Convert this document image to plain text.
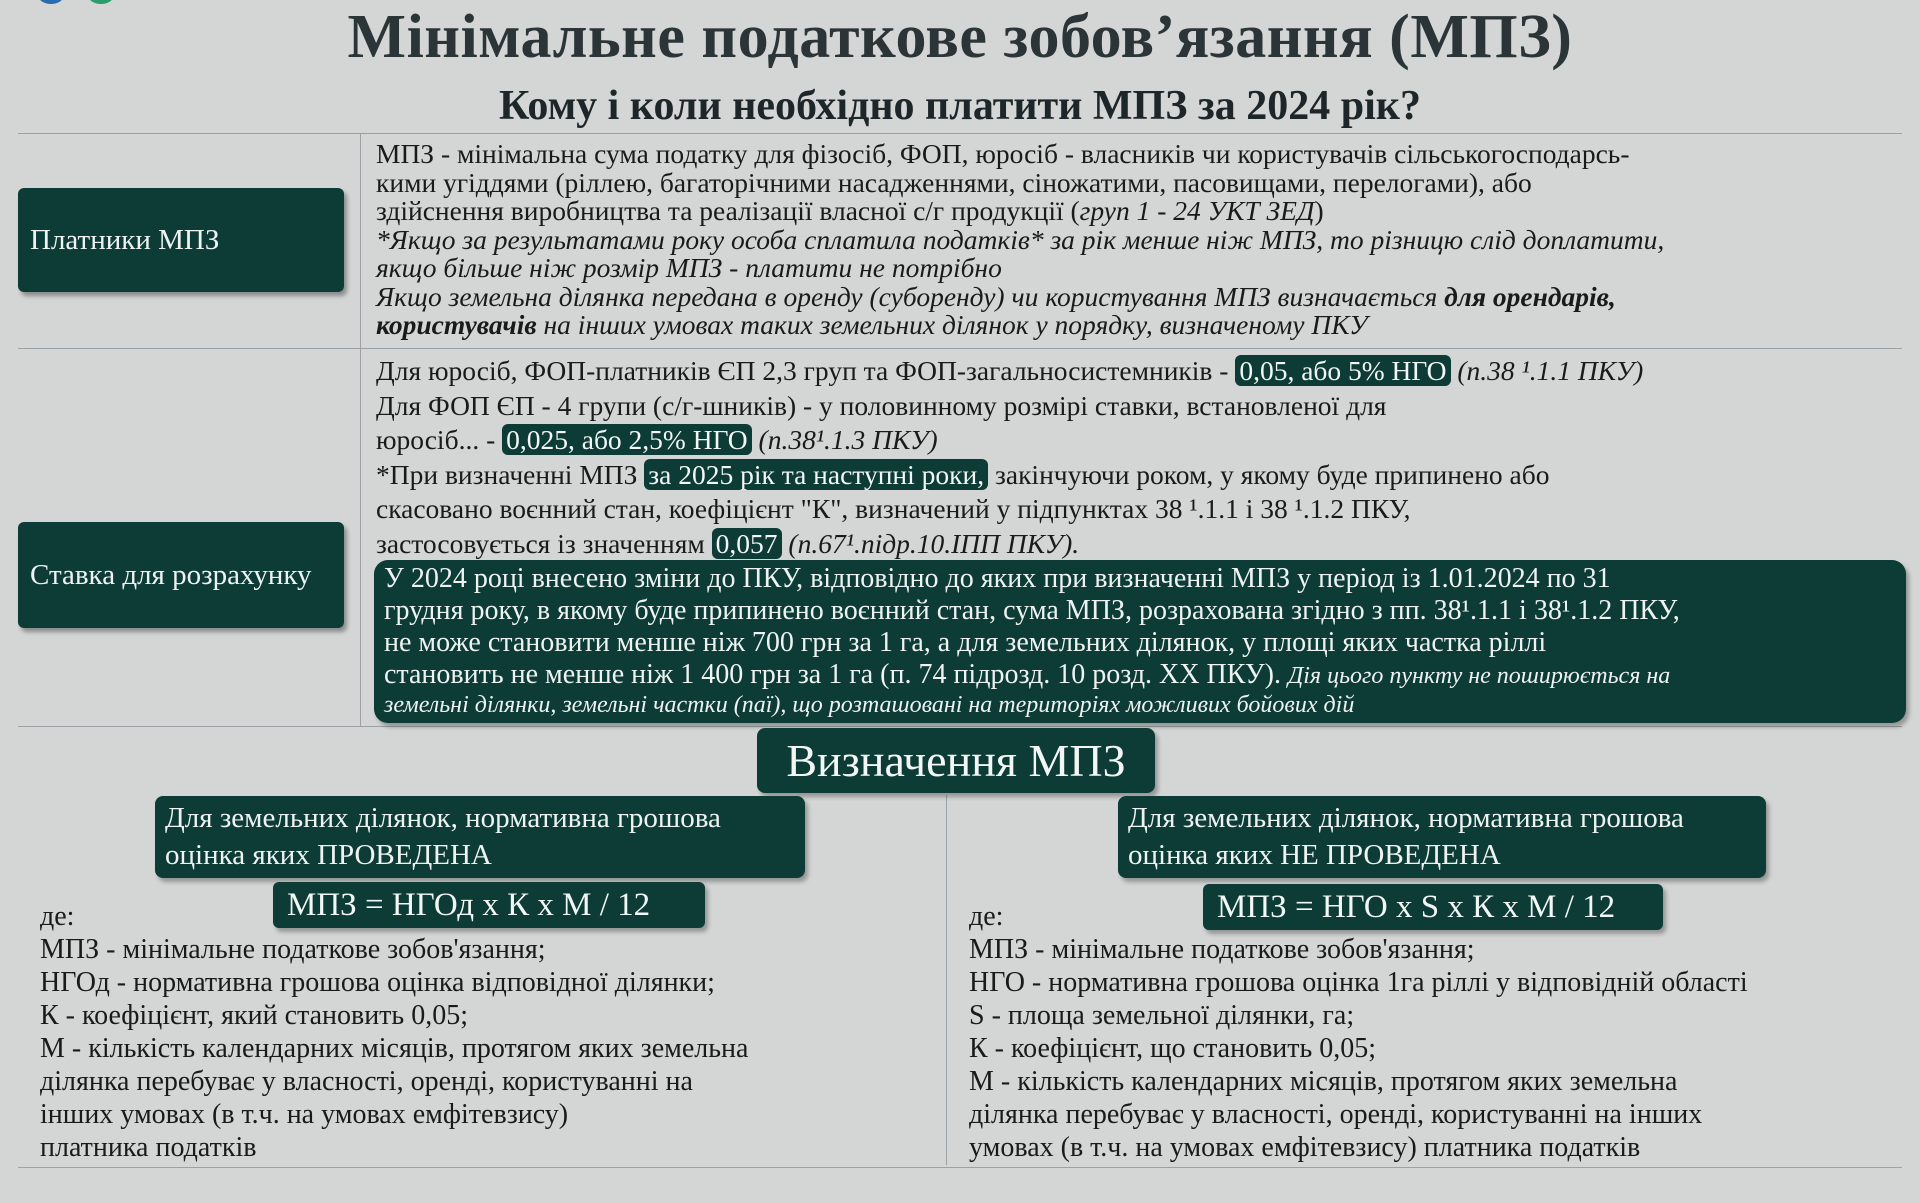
Мінімальне податкове зобов’язання (МПЗ)
Кому і коли необхідно платити МПЗ за 2024 рік?
Платники МПЗ

МПЗ - мінімальна сума податку для фізосіб, ФОП, юросіб - власників чи користувачів сільськогосподарсь-

кими угіддями (ріллею, багаторічними насадженнями, сіножатими, пасовищами, перелогами), або

здійснення виробництва та реалізації власної с/г продукції (груп 1 - 24 УКТ ЗЕД)

*Якщо за результатами року особа сплатила податків* за рік менше ніж МПЗ, то різницю слід доплатити,

якщо більше ніж розмір МПЗ - платити не потрібно

Якщо земельна ділянка передана в оренду (суборенду) чи користування МПЗ визначається для орендарів,

користувачів на інших умовах таких земельних ділянок у порядку, визначеному ПКУ

Ставка для розрахунку

Для юросіб, ФОП-платників ЄП 2,3 груп та ФОП-загальносистемників - 0,05, або 5% НГО (п.38 ¹.1.1 ПКУ)

Для ФОП ЄП - 4 групи (с/г-шників) - у половинному розмірі ставки, встановленої для

юросіб... - 0,025, або 2,5% НГО (п.38¹.1.3 ПКУ)

*При визначенні МПЗ за 2025 рік та наступні роки, закінчуючи роком, у якому буде припинено або

скасовано воєнний стан, коефіцієнт "К", визначений у підпунктах 38 ¹.1.1 і 38 ¹.1.2 ПКУ,

застосовується із значенням 0,057 (п.67¹.підр.10.ІПП ПКУ).

У 2024 році внесено зміни до ПКУ, відповідно до яких при визначенні МПЗ у період із 1.01.2024 по 31

грудня року, в якому буде припинено воєнний стан, сума МПЗ, розрахована згідно з пп. 38¹.1.1 і 38¹.1.2 ПКУ,

не може становити менше ніж 700 грн за 1 га, а для земельних ділянок, у площі яких частка ріллі

становить не менше ніж 1 400 грн за 1 га (п. 74 підрозд. 10 розд. ХХ ПКУ). Дія цього пункту не поширюється на

земельні ділянки, земельні частки (паї), що розташовані на територіях можливих бойових дій

Визначення МПЗ
Для земельних ділянок, нормативна грошова
оцінка яких ПРОВЕДЕНА
МПЗ = НГОд х К х М / 12

де:

МПЗ - мінімальне податкове зобов'язання;

НГОд - нормативна грошова оцінка відповідної ділянки;

К - коефіцієнт, який становить 0,05;

М - кількість календарних місяців, протягом яких земельна

ділянка перебуває у власності, оренді, користуванні на

інших умовах (в т.ч. на умовах емфітевзису)

платника податків

Для земельних ділянок, нормативна грошова
оцінка яких НЕ ПРОВЕДЕНА
МПЗ = НГО х S х К х М / 12

де:

МПЗ - мінімальне податкове зобов'язання;

НГО - нормативна грошова оцінка 1га ріллі у відповідній області

S - площа земельної ділянки, га;

К - коефіцієнт, що становить 0,05;

М - кількість календарних місяців, протягом яких земельна

ділянка перебуває у власності, оренді, користуванні на інших

умовах (в т.ч. на умовах емфітевзису) платника податків
